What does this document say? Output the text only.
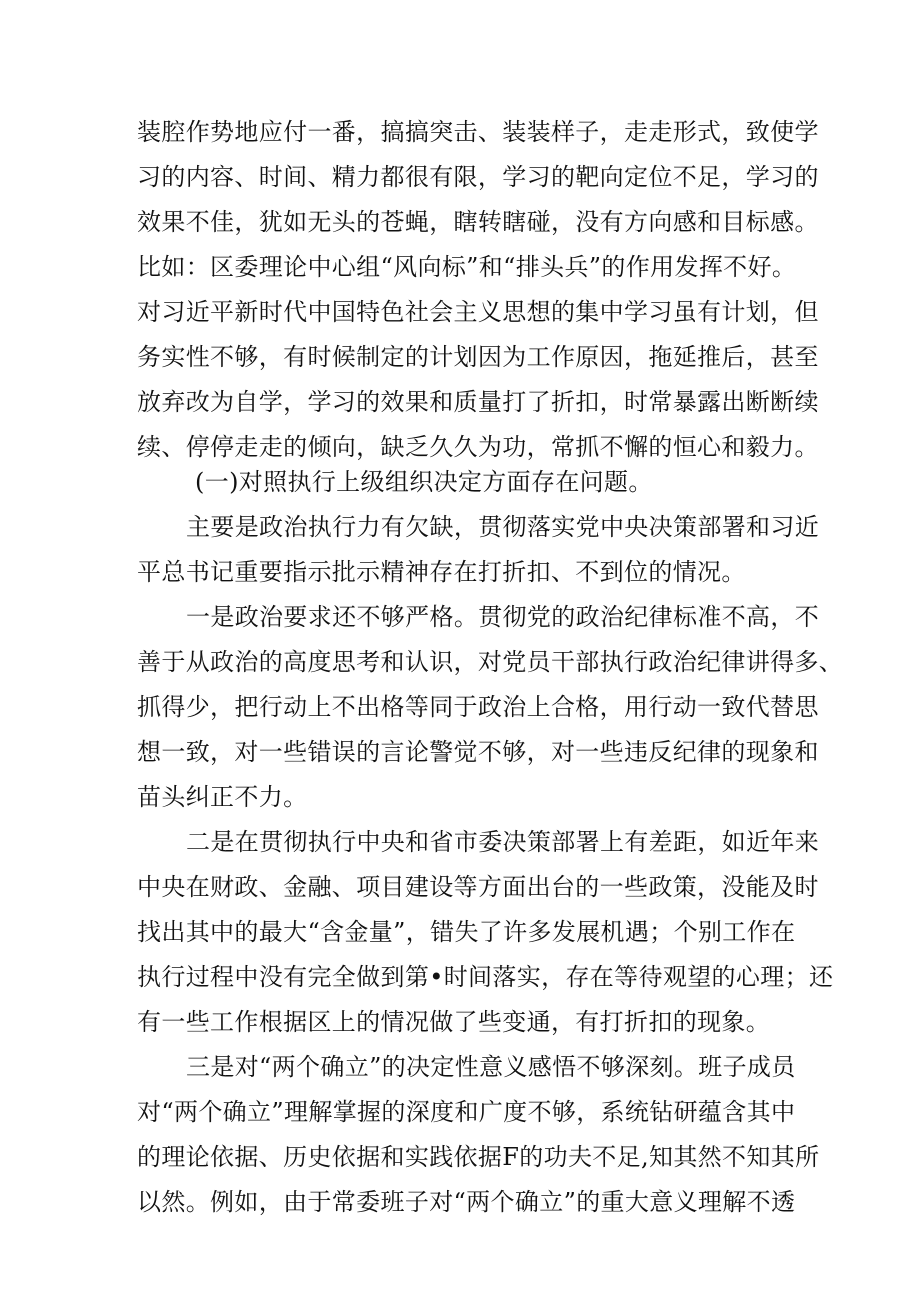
装腔作势地应付一番，搞搞突击、装装样子，走走形式，致使学
习的内容、时间、精力都很有限，学习的靶向定位不足，学习的
效果不佳，犹如无头的苍蝇，瞎转瞎碰，没有方向感和目标感。
比如：区委理论中心组“风向标”和“排头兵”的作用发挥不好。
对习近平新时代中国特色社会主义思想的集中学习虽有计划，但
务实性不够，有时候制定的计划因为工作原因，拖延推后，甚至
放弃改为自学，学习的效果和质量打了折扣，时常暴露出断断续
续、停停走走的倾向，缺乏久久为功，常抓不懈的恒心和毅力。
(一)对照执行上级组织决定方面存在问题。
主要是政治执行力有欠缺，贯彻落实党中央决策部署和习近
平总书记重要指示批示精神存在打折扣、不到位的情况。
一是政治要求还不够严格。贯彻党的政治纪律标准不高，不
善于从政治的高度思考和认识，对党员干部执行政治纪律讲得多、
抓得少，把行动上不出格等同于政治上合格，用行动一致代替思
想一致，对一些错误的言论警觉不够，对一些违反纪律的现象和
苗头纠正不力。
二是在贯彻执行中央和省市委决策部署上有差距，如近年来
中央在财政、金融、项目建设等方面出台的一些政策，没能及时
找出其中的最大“含金量”，错失了许多发展机遇；个别工作在
执行过程中没有完全做到第•时间落实，存在等待观望的心理；还
有一些工作根据区上的情况做了些变通，有打折扣的现象。
三是对“两个确立”的决定性意义感悟不够深刻。班子成员
对“两个确立”理解掌握的深度和广度不够，系统钻研蕴含其中
的理论依据、历史依据和实践依据F的功夫不足,知其然不知其所
以然。例如，由于常委班子对“两个确立”的重大意义理解不透
